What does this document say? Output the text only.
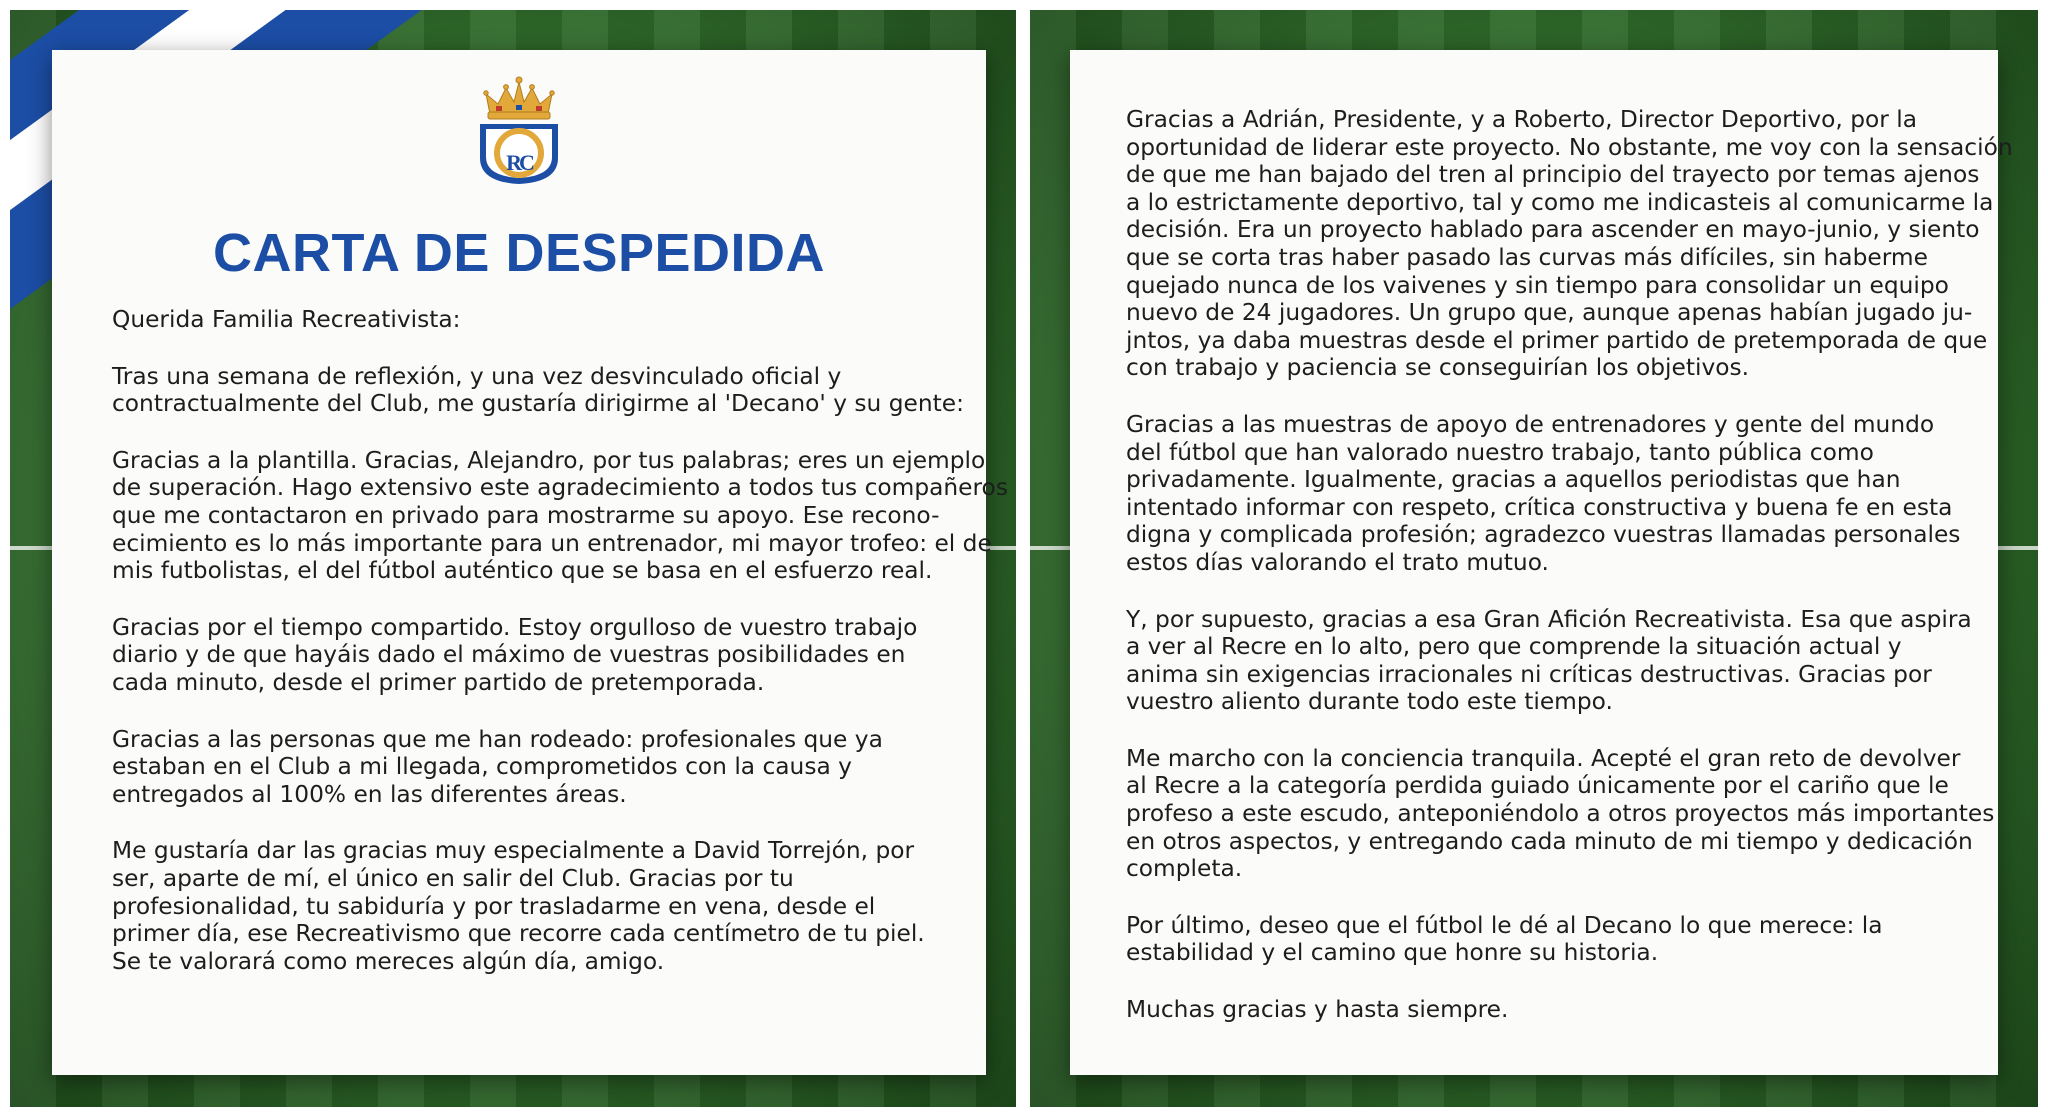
RC
CARTA DE DESPEDIDA

Querida Familia Recreativista:

Tras una semana de reflexión, y una vez desvinculado oficial y
contractualmente del Club, me gustaría dirigirme al 'Decano' y su gente:

Gracias a la plantilla. Gracias, Alejandro, por tus palabras; eres un ejemplo
de superación. Hago extensivo este agradecimiento a todos tus compañeros
que me contactaron en privado para mostrarme su apoyo. Ese recono-
ecimiento es lo más importante para un entrenador, mi mayor trofeo: el de
mis futbolistas, el del fútbol auténtico que se basa en el esfuerzo real.

Gracias por el tiempo compartido. Estoy orgulloso de vuestro trabajo
diario y de que hayáis dado el máximo de vuestras posibilidades en
cada minuto, desde el primer partido de pretemporada.

Gracias a las personas que me han rodeado: profesionales que ya
estaban en el Club a mi llegada, comprometidos con la causa y
entregados al 100% en las diferentes áreas.

Me gustaría dar las gracias muy especialmente a David Torrejón, por
ser, aparte de mí, el único en salir del Club. Gracias por tu
profesionalidad, tu sabiduría y por trasladarme en vena, desde el
primer día, ese Recreativismo que recorre cada centímetro de tu piel.
Se te valorará como mereces algún día, amigo.

Gracias a Adrián, Presidente, y a Roberto, Director Deportivo, por la
oportunidad de liderar este proyecto. No obstante, me voy con la sensación
de que me han bajado del tren al principio del trayecto por temas ajenos
a lo estrictamente deportivo, tal y como me indicasteis al comunicarme la
decisión. Era un proyecto hablado para ascender en mayo-junio, y siento
que se corta tras haber pasado las curvas más difíciles, sin haberme
quejado nunca de los vaivenes y sin tiempo para consolidar un equipo
nuevo de 24 jugadores. Un grupo que, aunque apenas habían jugado ju-
jntos, ya daba muestras desde el primer partido de pretemporada de que
con trabajo y paciencia se conseguirían los objetivos.

Gracias a las muestras de apoyo de entrenadores y gente del mundo
del fútbol que han valorado nuestro trabajo, tanto pública como
privadamente. Igualmente, gracias a aquellos periodistas que han
intentado informar con respeto, crítica constructiva y buena fe en esta
digna y complicada profesión; agradezco vuestras llamadas personales
estos días valorando el trato mutuo.

Y, por supuesto, gracias a esa Gran Afición Recreativista. Esa que aspira
a ver al Recre en lo alto, pero que comprende la situación actual y
anima sin exigencias irracionales ni críticas destructivas. Gracias por
vuestro aliento durante todo este tiempo.

Me marcho con la conciencia tranquila. Acepté el gran reto de devolver
al Recre a la categoría perdida guiado únicamente por el cariño que le
profeso a este escudo, anteponiéndolo a otros proyectos más importantes
en otros aspectos, y entregando cada minuto de mi tiempo y dedicación
completa.

Por último, deseo que el fútbol le dé al Decano lo que merece: la
estabilidad y el camino que honre su historia.

Muchas gracias y hasta siempre.
